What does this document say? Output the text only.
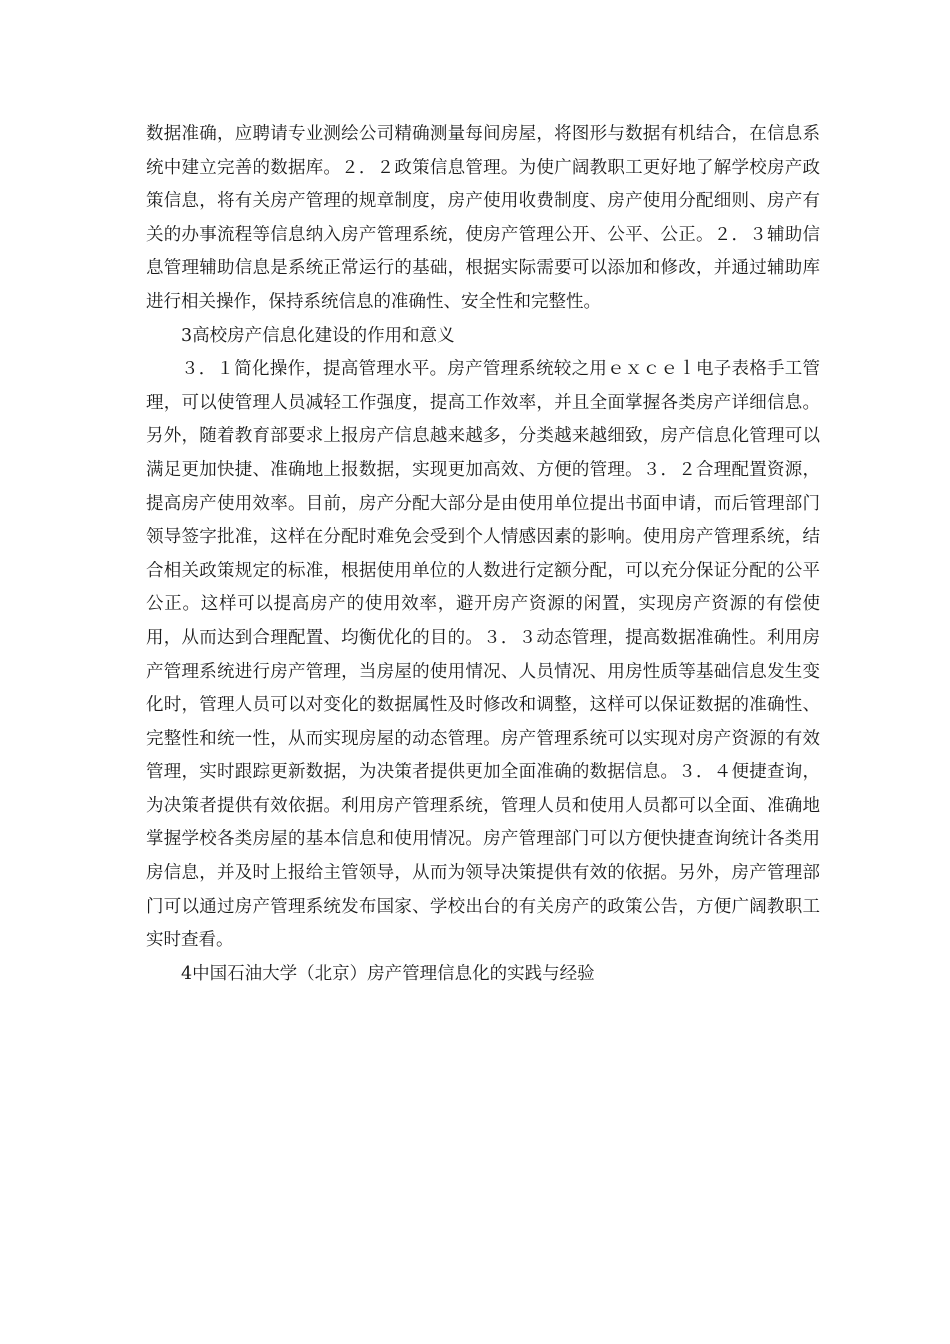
数据准确，应聘请专业测绘公司精确测量每间房屋，将图形与数据有机结合，在信息系统中建立完善的数据库。２．２政策信息管理。为使广阔教职工更好地了解学校房产政策信息，将有关房产管理的规章制度，房产使用收费制度、房产使用分配细则、房产有关的办事流程等信息纳入房产管理系统，使房产管理公开、公平、公正。２．３辅助信息管理辅助信息是系统正常运行的基础，根据实际需要可以添加和修改，并通过辅助库进行相关操作，保持系统信息的准确性、安全性和完整性。

3高校房产信息化建设的作用和意义

３．１简化操作，提高管理水平。房产管理系统较之用ｅｘｃｅｌ电子表格手工管理，可以使管理人员减轻工作强度，提高工作效率，并且全面掌握各类房产详细信息。另外，随着教育部要求上报房产信息越来越多，分类越来越细致，房产信息化管理可以满足更加快捷、准确地上报数据，实现更加高效、方便的管理。３．２合理配置资源，提高房产使用效率。目前，房产分配大部分是由使用单位提出书面申请，而后管理部门领导签字批准，这样在分配时难免会受到个人情感因素的影响。使用房产管理系统，结合相关政策规定的标准，根据使用单位的人数进行定额分配，可以充分保证分配的公平公正。这样可以提高房产的使用效率，避开房产资源的闲置，实现房产资源的有偿使用，从而达到合理配置、均衡优化的目的。３．３动态管理，提高数据准确性。利用房产管理系统进行房产管理，当房屋的使用情况、人员情况、用房性质等基础信息发生变化时，管理人员可以对变化的数据属性及时修改和调整，这样可以保证数据的准确性、完整性和统一性，从而实现房屋的动态管理。房产管理系统可以实现对房产资源的有效管理，实时跟踪更新数据，为决策者提供更加全面准确的数据信息。３．４便捷查询，为决策者提供有效依据。利用房产管理系统，管理人员和使用人员都可以全面、准确地掌握学校各类房屋的基本信息和使用情况。房产管理部门可以方便快捷查询统计各类用房信息，并及时上报给主管领导，从而为领导决策提供有效的依据。另外，房产管理部门可以通过房产管理系统发布国家、学校出台的有关房产的政策公告，方便广阔教职工实时查看。

4中国石油大学（北京）房产管理信息化的实践与经验
